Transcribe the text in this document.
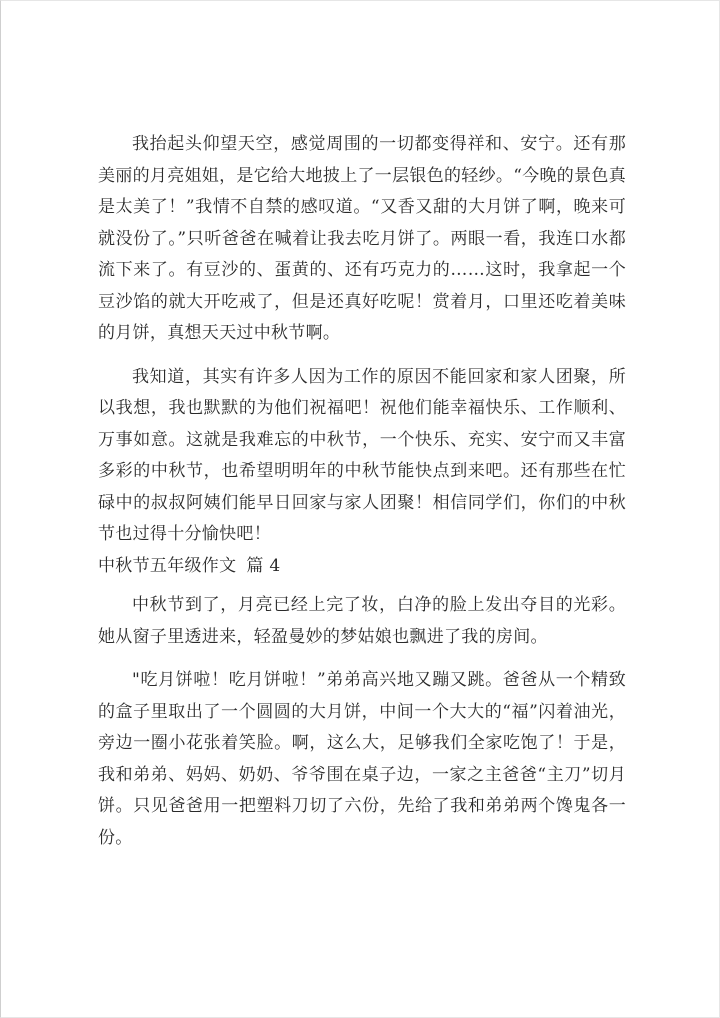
我抬起头仰望天空，感觉周围的一切都变得祥和、安宁。还有那美丽的月亮姐姐，是它给大地披上了一层银色的轻纱。“今晚的景色真是太美了！”我情不自禁的感叹道。“又香又甜的大月饼了啊，晚来可就没份了。”只听爸爸在喊着让我去吃月饼了。两眼一看，我连口水都流下来了。有豆沙的、蛋黄的、还有巧克力的……这时，我拿起一个豆沙馅的就大开吃戒了，但是还真好吃呢！赏着月，口里还吃着美味的月饼，真想天天过中秋节啊。

我知道，其实有许多人因为工作的原因不能回家和家人团聚，所以我想，我也默默的为他们祝福吧！祝他们能幸福快乐、工作顺利、万事如意。这就是我难忘的中秋节，一个快乐、充实、安宁而又丰富多彩的中秋节，也希望明明年的中秋节能快点到来吧。还有那些在忙碌中的叔叔阿姨们能早日回家与家人团聚！相信同学们，你们的中秋节也过得十分愉快吧！

中秋节五年级作文 篇 4

中秋节到了，月亮已经上完了妆，白净的脸上发出夺目的光彩。她从窗子里透进来，轻盈曼妙的梦姑娘也飘进了我的房间。

"吃月饼啦！吃月饼啦！”弟弟高兴地又蹦又跳。爸爸从一个精致的盒子里取出了一个圆圆的大月饼，中间一个大大的“福”闪着油光，旁边一圈小花张着笑脸。啊，这么大，足够我们全家吃饱了！于是，我和弟弟、妈妈、奶奶、爷爷围在桌子边，一家之主爸爸“主刀”切月饼。只见爸爸用一把塑料刀切了六份，先给了我和弟弟两个馋鬼各一份。
